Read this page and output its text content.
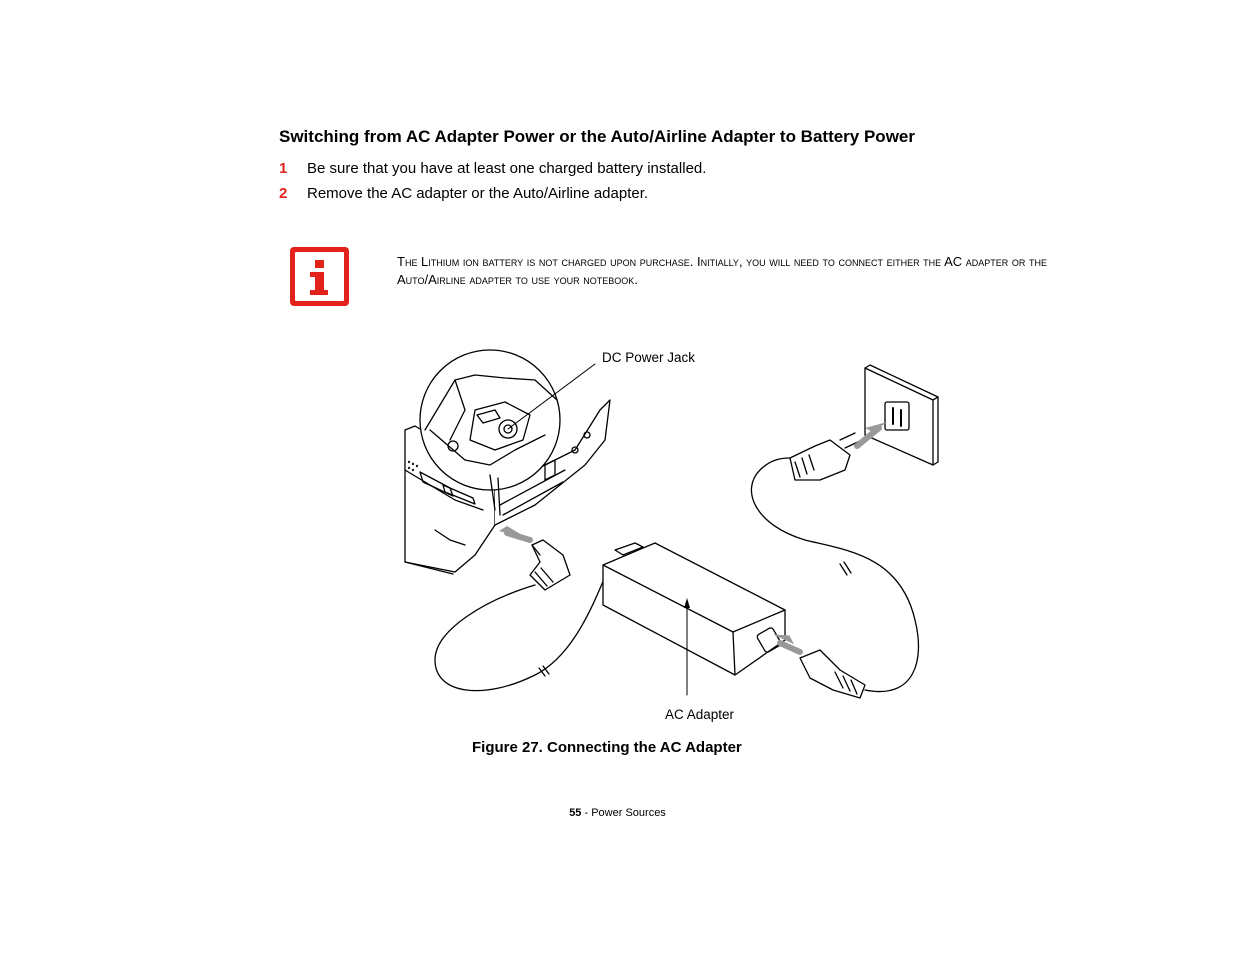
Switching from AC Adapter Power or the Auto/Airline Adapter to Battery Power
1 Be sure that you have at least one charged battery installed.
2 Remove the AC adapter or the Auto/Airline adapter.
The Lithium ion battery is not charged upon purchase. Initially, you will need to connect either the AC adapter or the Auto/Airline adapter to use your notebook.
DC Power Jack
AC Adapter
Figure 27. Connecting the AC Adapter
55 - Power Sources
